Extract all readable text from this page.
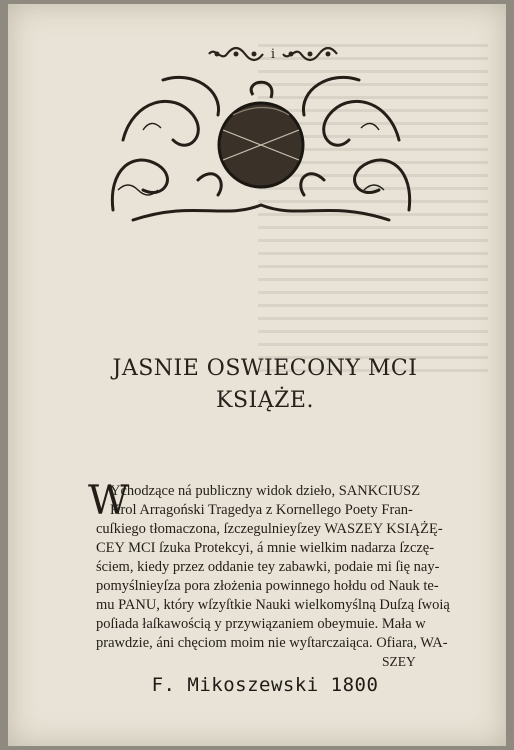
i
JASNIE OSWIECONY MCI
KSIĄŻE.
W
Ychodzące ná publiczny widok dzieło, SANKCIUSZ
Krol Arragoński Tragedya z Kornellego Poety Fran-
cuſkiego tłomaczona, ſzczegulnieyſzey WASZEY KSIĄŻĘ-
CEY MCI ſzuka Protekcyi, á mnie wielkim nadarza ſzczę-
ściem, kiedy przez oddanie tey zabawki, podaie mi ſię nay-
pomyślnieyſza pora złożenia powinnego hołdu od Nauk te-
mu PANU, który wſzyſtkie Nauki wielkomyślną Duſzą ſwoią
poſiada łaſkawością y przywiązaniem obeymuie. Mała w
prawdzie, áni chęciom moim nie wyſtarczaiąca. Ofiara, WA-
SZEY
F. Mikoszewski 1800
